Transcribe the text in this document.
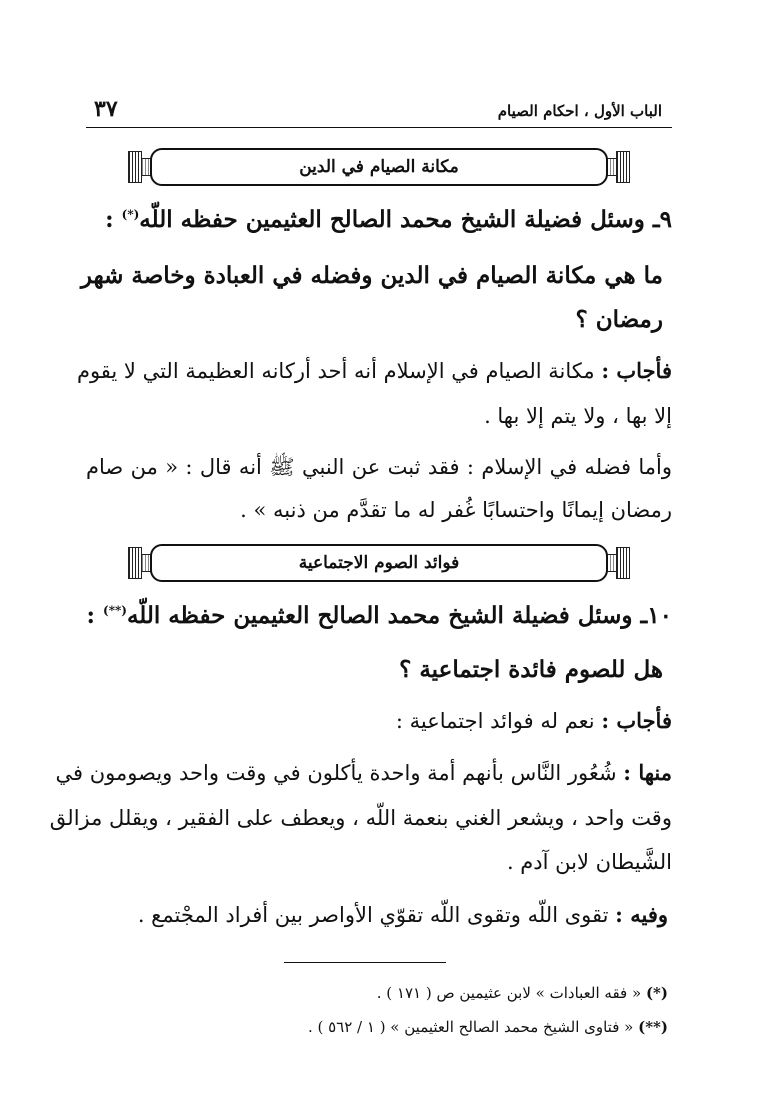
٣٧	الباب الأول ، احكام الصيام
مكانة الصيام في الدين
٩ـ وسئل فضيلة الشيخ محمد الصالح العثيمين حفظه اللّه(*) :
ما هي مكانة الصيام في الدين وفضله في العبادة وخاصة شهر
رمضان ؟
فأجاب : مكانة الصيام في الإسلام أنه أحد أركانه العظيمة التي لا يقوم
إلا بها ، ولا يتم إلا بها .
وأما فضله في الإسلام : فقد ثبت عن النبي ﷺ أنه قال : « من صام
رمضان إيمانًا واحتسابًا غُفر له ما تقدَّم من ذنبه » .
فوائد الصوم الاجتماعية
١٠ـ وسئل فضيلة الشيخ محمد الصالح العثيمين حفظه اللّه(**) :
هل للصوم فائدة اجتماعية ؟
فأجاب : نعم له فوائد اجتماعية :
منها : شُعُور النَّاس بأنهم أمة واحدة يأكلون في وقت واحد ويصومون في
وقت واحد ، ويشعر الغني بنعمة اللّه ، ويعطف على الفقير ، ويقلل مزالق
الشَّيطان لابن آدم .
وفيه : تقوى اللّه وتقوى اللّه تقوّي الأواصر بين أفراد المجْتمع .
(*) « فقه العبادات » لابن عثيمين ص ( ١٧١ ) .
(**) « فتاوى الشيخ محمد الصالح العثيمين » ( ١ / ٥٦٢ ) .
